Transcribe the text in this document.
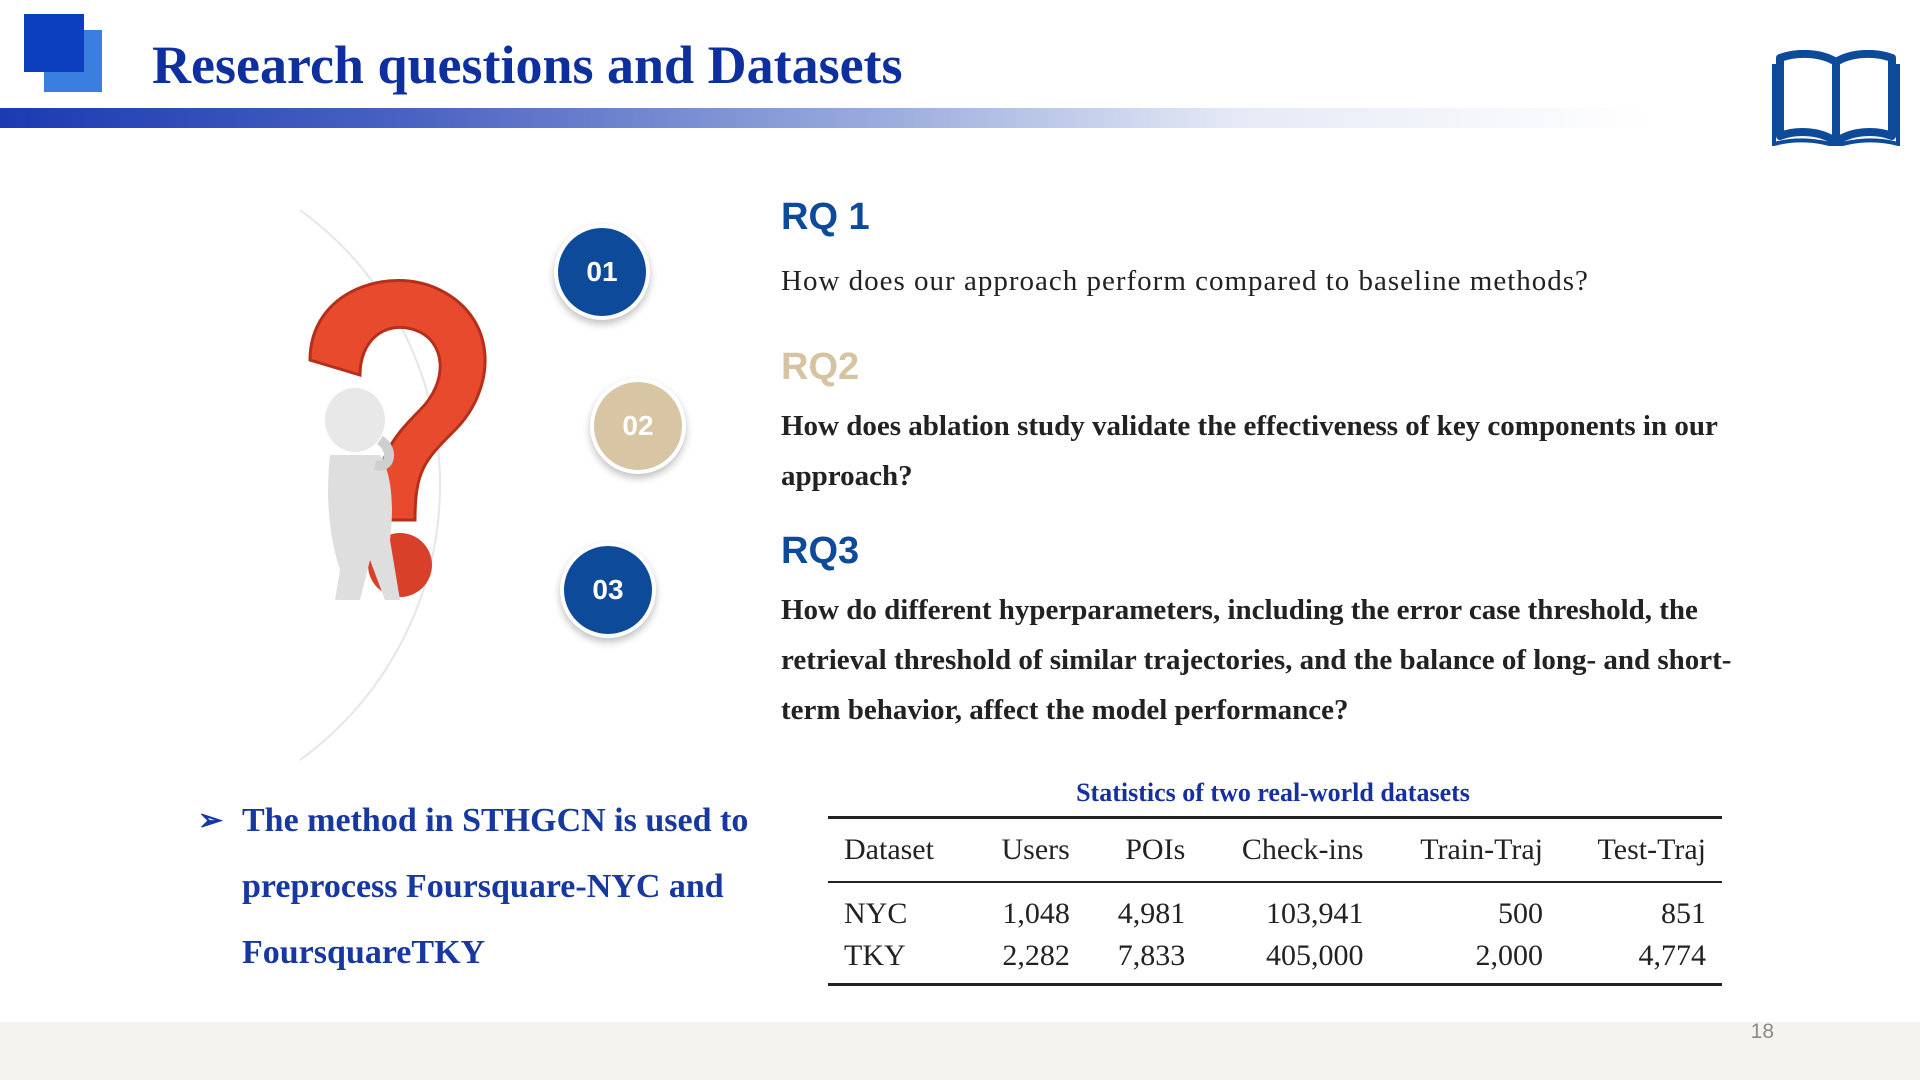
Research questions and Datasets
01
02
03
RQ 1
How does our approach perform compared to baseline methods?
RQ2
How does ablation study validate the effectiveness of key components in our approach?
RQ3
How do different hyperparameters, including the error case threshold, the retrieval threshold of similar trajectories, and the balance of long- and short-term behavior, affect the model performance?
➢ The method in STHGCN is used to preprocess Foursquare-NYC and FoursquareTKY
Statistics of two real-world datasets
Dataset	Users	POIs	Check-ins	Train-Traj	Test-Traj
NYC	1,048	4,981	103,941	500	851
TKY	2,282	7,833	405,000	2,000	4,774
18
